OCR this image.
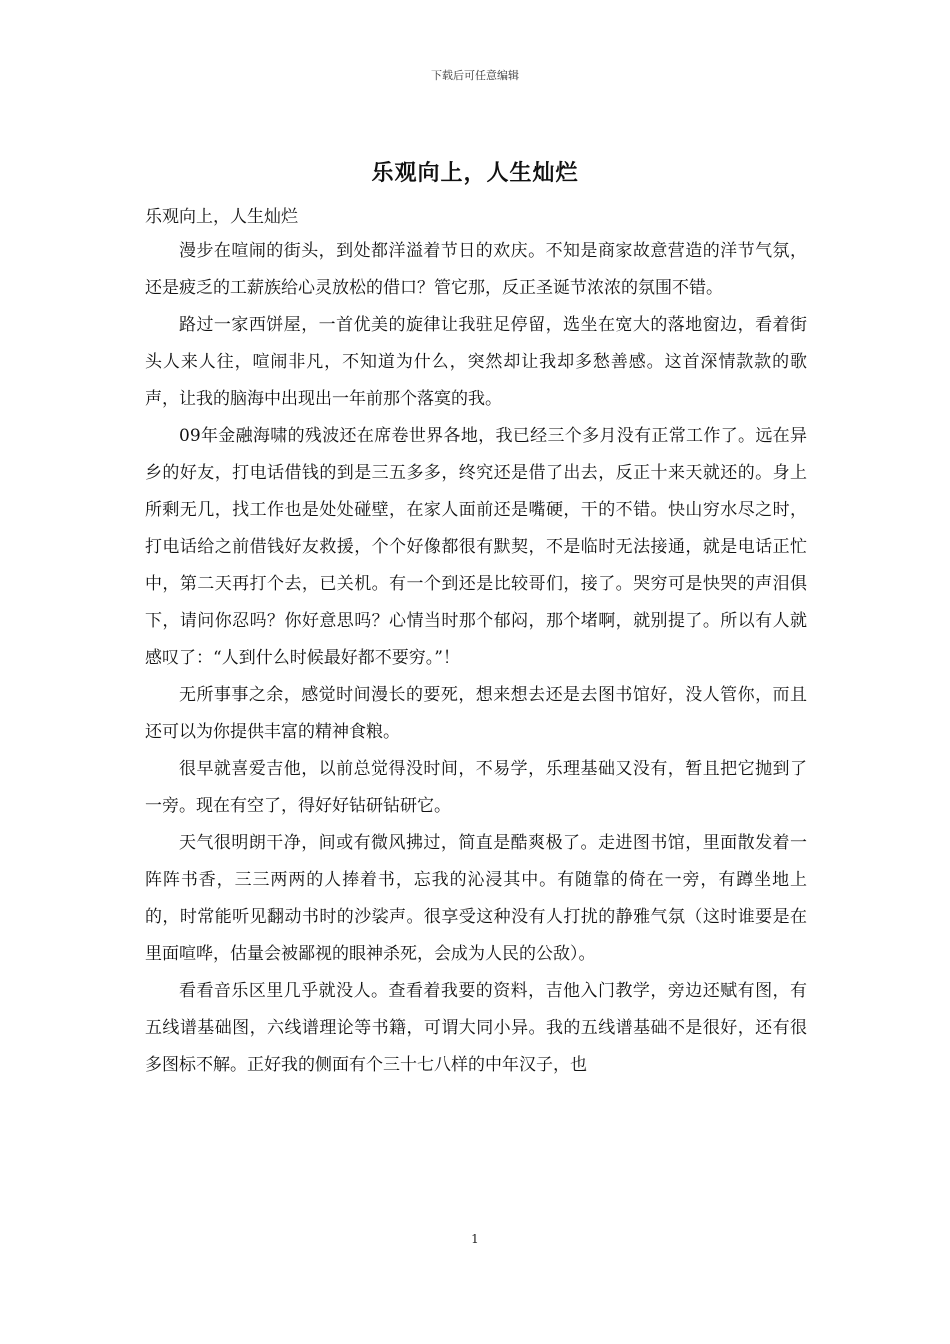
下载后可任意编辑
乐观向上，人生灿烂
乐观向上，人生灿烂

漫步在喧闹的街头，到处都洋溢着节日的欢庆。不知是商家故意营造的洋节气氛，还是疲乏的工薪族给心灵放松的借口？管它那，反正圣诞节浓浓的氛围不错。

路过一家西饼屋，一首优美的旋律让我驻足停留，选坐在宽大的落地窗边，看着街头人来人往，喧闹非凡，不知道为什么，突然却让我却多愁善感。这首深情款款的歌声，让我的脑海中出现出一年前那个落寞的我。

09年金融海啸的残波还在席卷世界各地，我已经三个多月没有正常工作了。远在异乡的好友，打电话借钱的到是三五多多，终究还是借了出去，反正十来天就还的。身上所剩无几，找工作也是处处碰壁，在家人面前还是嘴硬，干的不错。快山穷水尽之时，打电话给之前借钱好友救援，个个好像都很有默契，不是临时无法接通，就是电话正忙中，第二天再打个去，已关机。有一个到还是比较哥们，接了。哭穷可是快哭的声泪俱下，请问你忍吗？你好意思吗？心情当时那个郁闷，那个堵啊，就别提了。所以有人就感叹了：“人到什么时候最好都不要穷。”！

无所事事之余，感觉时间漫长的要死，想来想去还是去图书馆好，没人管你，而且还可以为你提供丰富的精神食粮。

很早就喜爱吉他，以前总觉得没时间，不易学，乐理基础又没有，暂且把它抛到了一旁。现在有空了，得好好钻研钻研它。

天气很明朗干净，间或有微风拂过，简直是酷爽极了。走进图书馆，里面散发着一阵阵书香，三三两两的人捧着书，忘我的沁浸其中。有随靠的倚在一旁，有蹲坐地上的，时常能听见翻动书时的沙裟声。很享受这种没有人打扰的静雅气氛（这时谁要是在里面喧哗，估量会被鄙视的眼神杀死，会成为人民的公敌）。

看看音乐区里几乎就没人。查看着我要的资料，吉他入门教学，旁边还赋有图，有五线谱基础图，六线谱理论等书籍，可谓大同小异。我的五线谱基础不是很好，还有很多图标不解。正好我的侧面有个三十七八样的中年汉子，也

1
